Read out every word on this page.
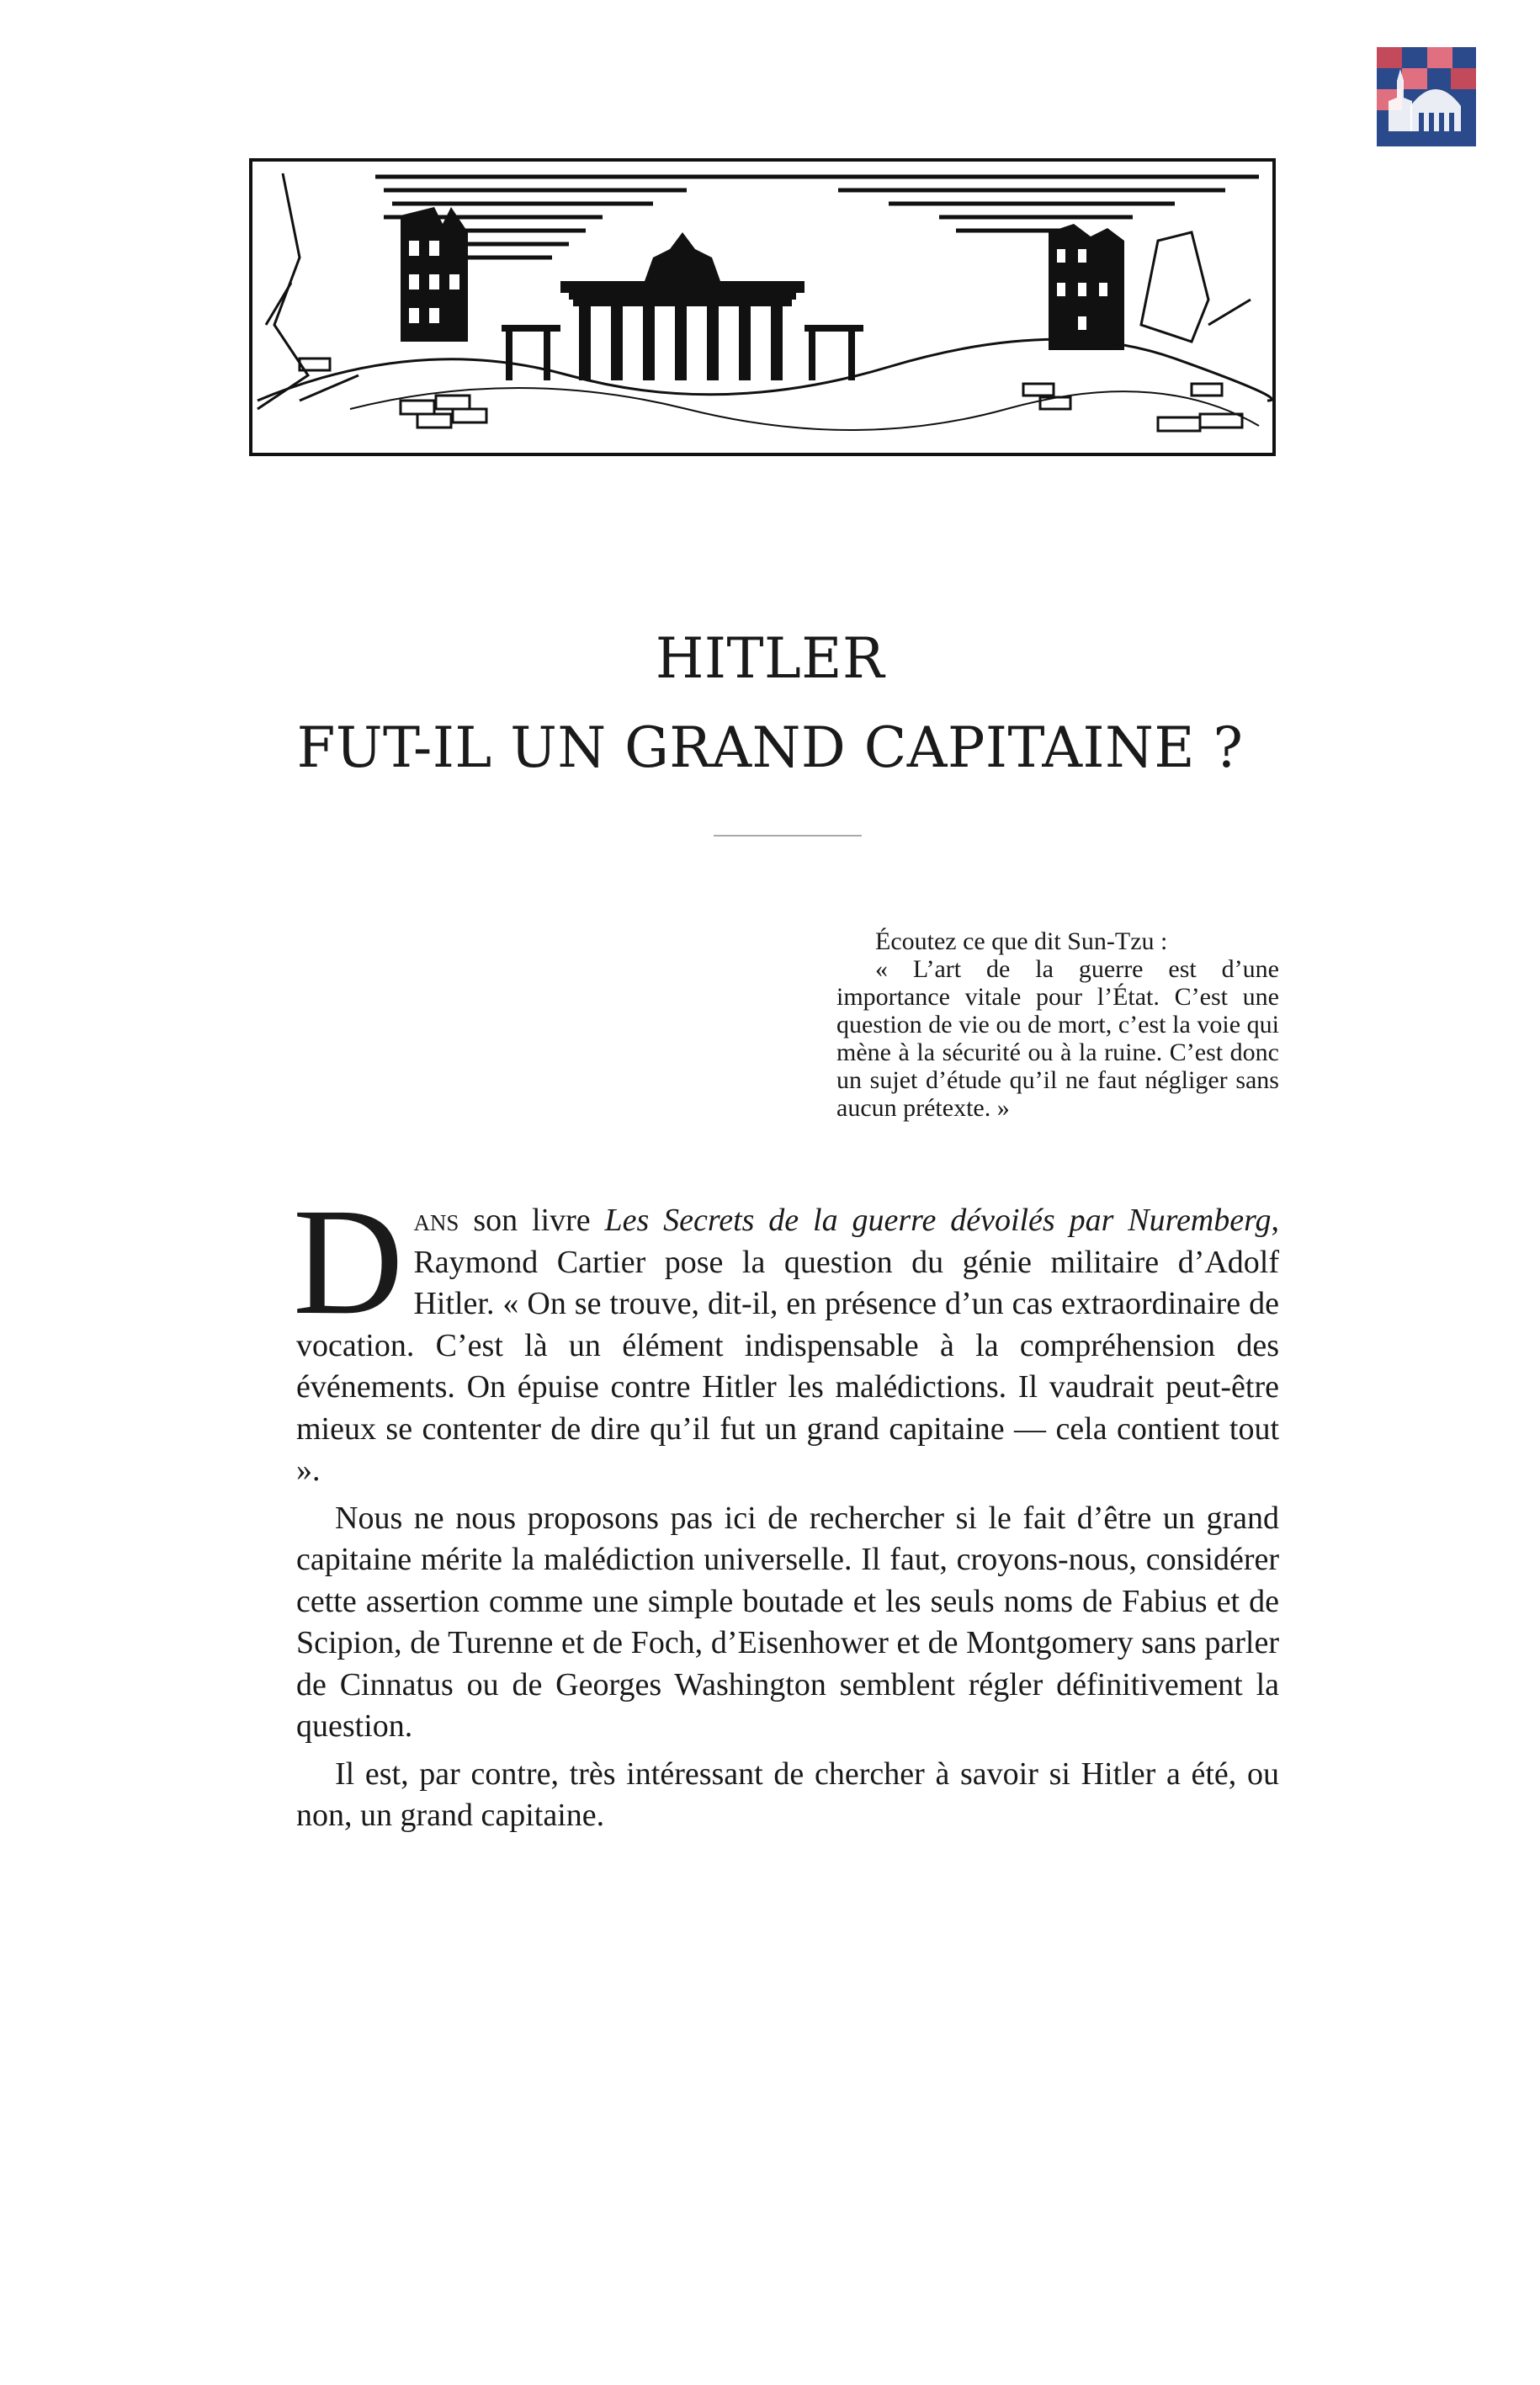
HITLER
FUT-IL UN GRAND CAPITAINE ?

Écoutez ce que dit Sun-Tzu :

« L’art de la guerre est d’une importance vitale pour l’État. C’est une question de vie ou de mort, c’est la voie qui mène à la sécurité ou à la ruine. C’est donc un sujet d’étude qu’il ne faut négliger sans aucun prétexte. »

Dans son livre Les Secrets de la guerre dévoilés par Nuremberg, Raymond Cartier pose la question du génie militaire d’Adolf Hitler. « On se trouve, dit-il, en présence d’un cas extraordinaire de vocation. C’est là un élément indispensable à la compréhension des événements. On épuise contre Hitler les malédictions. Il vaudrait peut-être mieux se contenter de dire qu’il fut un grand capitaine — cela contient tout ».

Nous ne nous proposons pas ici de rechercher si le fait d’être un grand capitaine mérite la malédiction universelle. Il faut, croyons-nous, considérer cette assertion comme une simple boutade et les seuls noms de Fabius et de Scipion, de Turenne et de Foch, d’Eisenhower et de Montgomery sans parler de Cinnatus ou de Georges Washington semblent régler définitivement la question.

Il est, par contre, très intéressant de chercher à savoir si Hitler a été, ou non, un grand capitaine.
